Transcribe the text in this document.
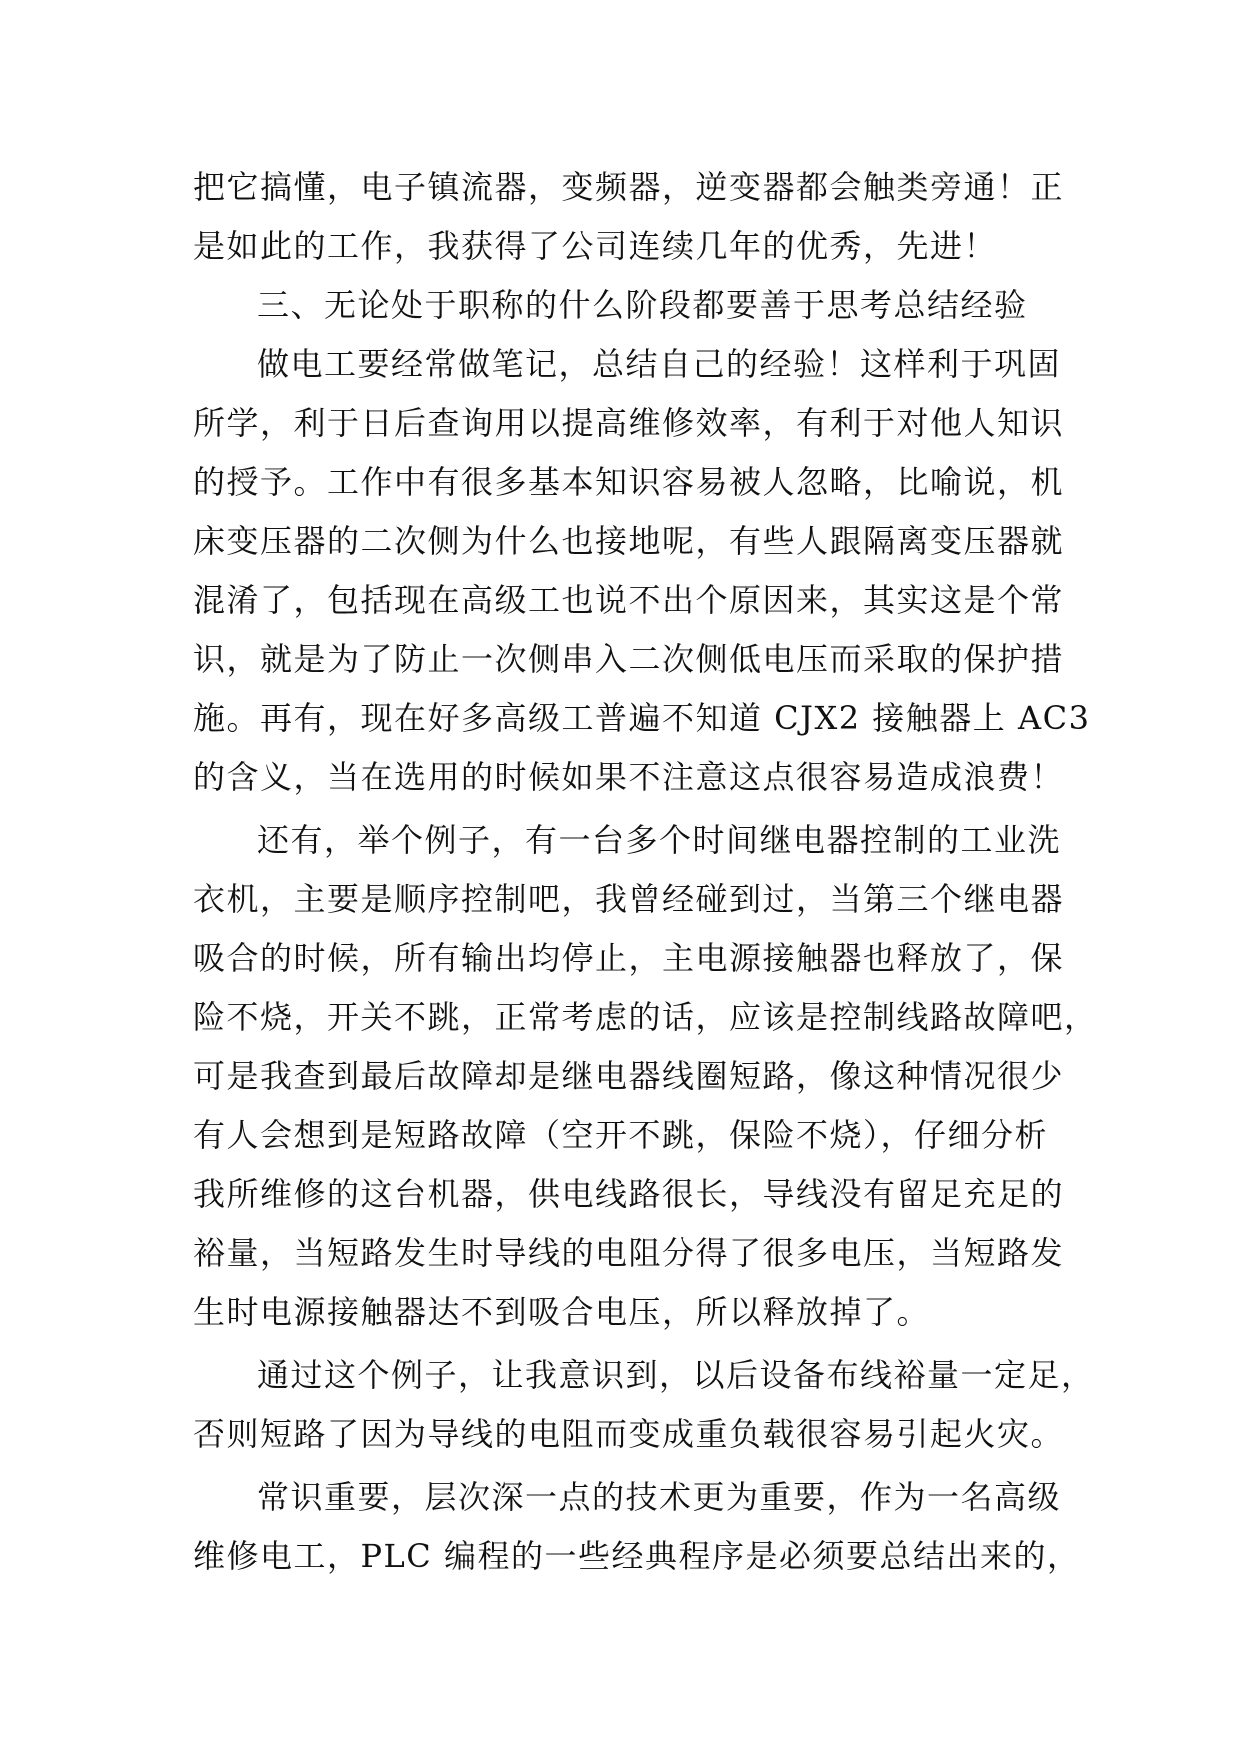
把它搞懂，电子镇流器，变频器，逆变器都会触类旁通！正
是如此的工作，我获得了公司连续几年的优秀，先进！
三、无论处于职称的什么阶段都要善于思考总结经验
做电工要经常做笔记，总结自己的经验！这样利于巩固
所学，利于日后查询用以提高维修效率，有利于对他人知识
的授予。工作中有很多基本知识容易被人忽略，比喻说，机
床变压器的二次侧为什么也接地呢，有些人跟隔离变压器就
混淆了，包括现在高级工也说不出个原因来，其实这是个常
识，就是为了防止一次侧串入二次侧低电压而采取的保护措
施。再有，现在好多高级工普遍不知道 CJX2 接触器上 AC3
的含义，当在选用的时候如果不注意这点很容易造成浪费！
还有，举个例子，有一台多个时间继电器控制的工业洗
衣机，主要是顺序控制吧，我曾经碰到过，当第三个继电器
吸合的时候，所有输出均停止，主电源接触器也释放了，保
险不烧，开关不跳，正常考虑的话，应该是控制线路故障吧，
可是我查到最后故障却是继电器线圈短路，像这种情况很少
有人会想到是短路故障（空开不跳，保险不烧），仔细分析
我所维修的这台机器，供电线路很长，导线没有留足充足的
裕量，当短路发生时导线的电阻分得了很多电压，当短路发
生时电源接触器达不到吸合电压，所以释放掉了。
通过这个例子，让我意识到，以后设备布线裕量一定足，
否则短路了因为导线的电阻而变成重负载很容易引起火灾。
常识重要，层次深一点的技术更为重要，作为一名高级
维修电工，PLC 编程的一些经典程序是必须要总结出来的，
